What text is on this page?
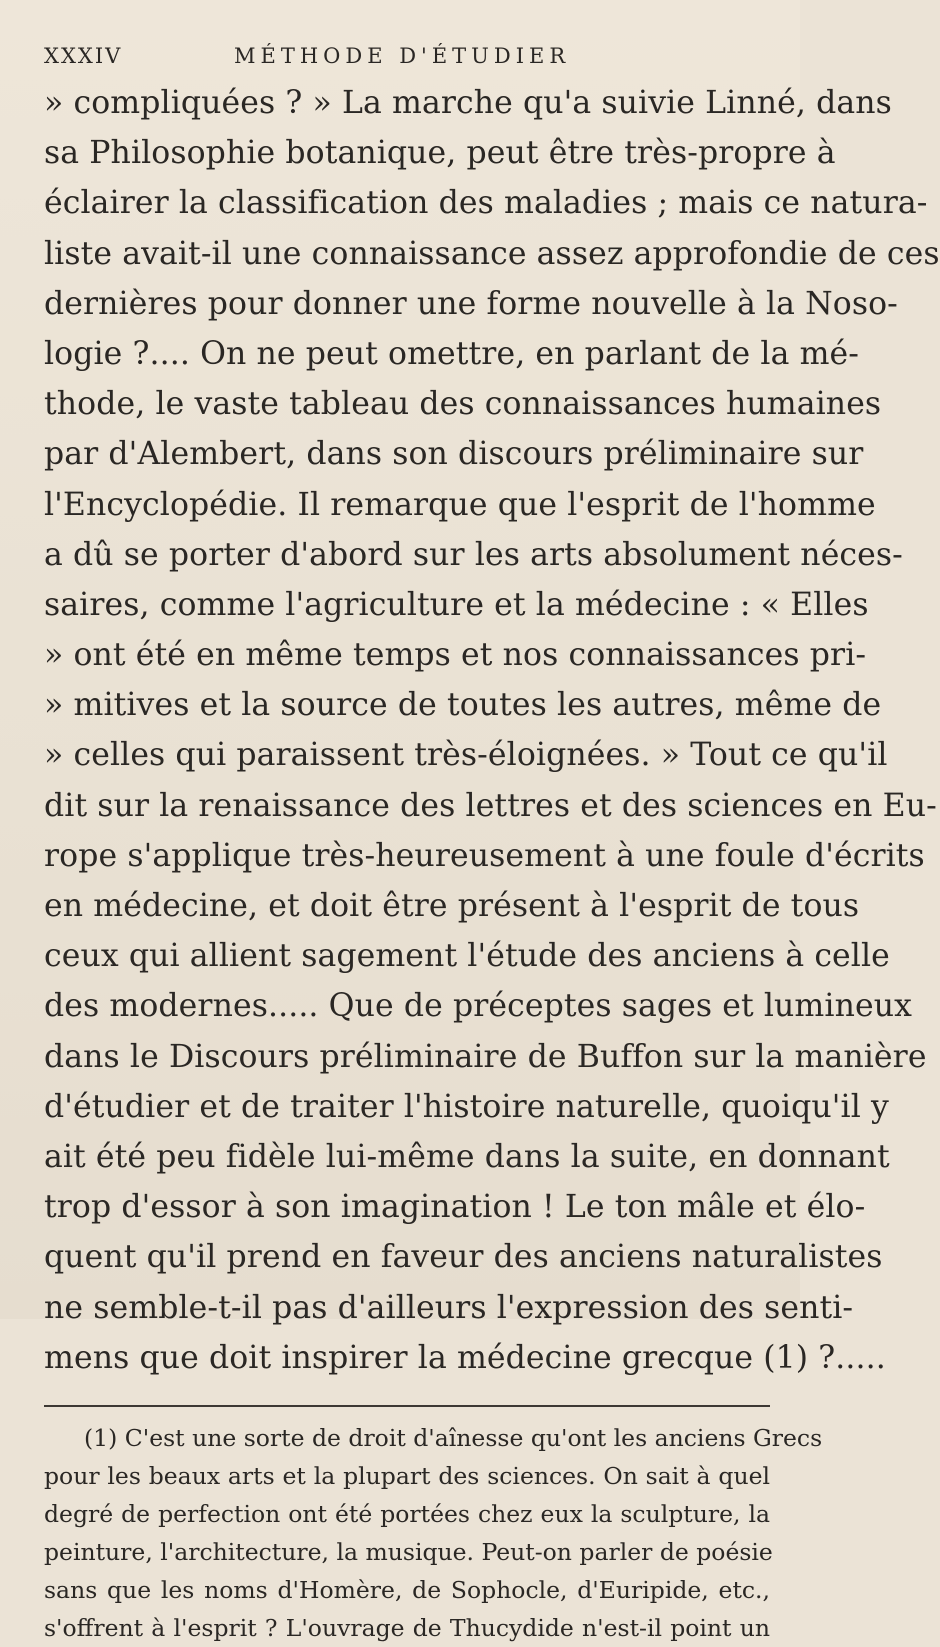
XXXIV	MÉTHODE D'ÉTUDIER
» compliquées ? » La marche qu'a suivie Linné, dans
sa Philosophie botanique, peut être très-propre à
éclairer la classification des maladies ; mais ce natura-
liste avait-il une connaissance assez approfondie de ces
dernières pour donner une forme nouvelle à la Noso-
logie ?.... On ne peut omettre, en parlant de la mé-
thode, le vaste tableau des connaissances humaines
par d'Alembert, dans son discours préliminaire sur
l'Encyclopédie. Il remarque que l'esprit de l'homme
a dû se porter d'abord sur les arts absolument néces-
saires, comme l'agriculture et la médecine : « Elles
» ont été en même temps et nos connaissances pri-
» mitives et la source de toutes les autres, même de
» celles qui paraissent très-éloignées. » Tout ce qu'il
dit sur la renaissance des lettres et des sciences en Eu-
rope s'applique très-heureusement à une foule d'écrits
en médecine, et doit être présent à l'esprit de tous
ceux qui allient sagement l'étude des anciens à celle
des modernes..... Que de préceptes sages et lumineux
dans le Discours préliminaire de Buffon sur la manière
d'étudier et de traiter l'histoire naturelle, quoiqu'il y
ait été peu fidèle lui-même dans la suite, en donnant
trop d'essor à son imagination ! Le ton mâle et élo-
quent qu'il prend en faveur des anciens naturalistes
ne semble-t-il pas d'ailleurs l'expression des senti-
mens que doit inspirer la médecine grecque (1) ?.....
(1) C'est une sorte de droit d'aînesse qu'ont les anciens Grecs
pour les beaux arts et la plupart des sciences. On sait à quel
degré de perfection ont été portées chez eux la sculpture, la
peinture, l'architecture, la musique. Peut-on parler de poésie
sans que les noms d'Homère, de Sophocle, d'Euripide, etc.,
s'offrent à l'esprit ? L'ouvrage de Thucydide n'est-il point un
